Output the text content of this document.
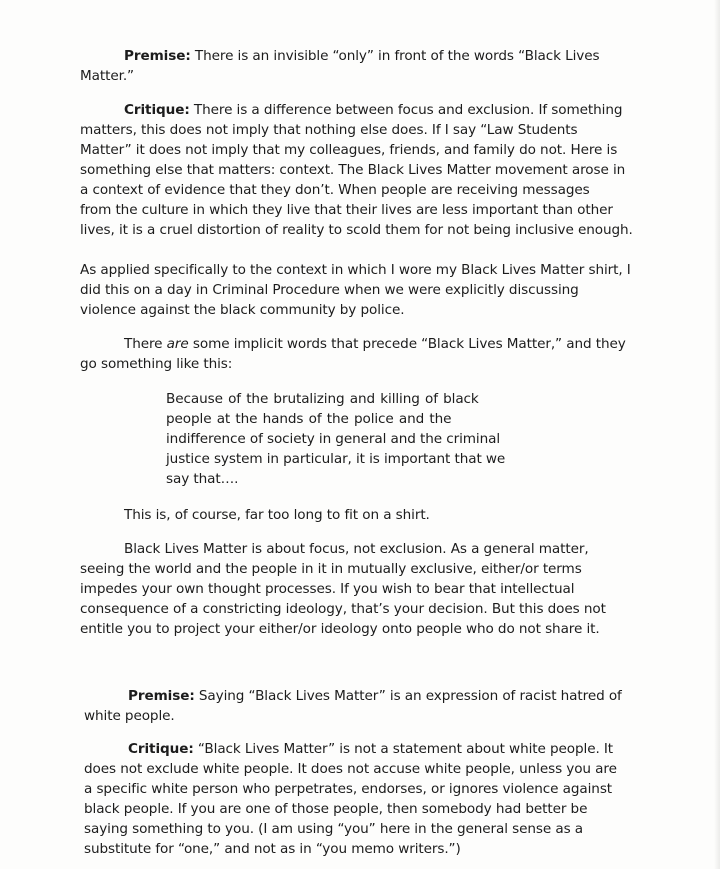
Premise: There is an invisible “only” in front of the words “Black Lives
Matter.”
Critique: There is a difference between focus and exclusion. If something
matters, this does not imply that nothing else does. If I say “Law Students
Matter” it does not imply that my colleagues, friends, and family do not. Here is
something else that matters: context. The Black Lives Matter movement arose in
a context of evidence that they don’t. When people are receiving messages
from the culture in which they live that their lives are less important than other
lives, it is a cruel distortion of reality to scold them for not being inclusive enough.
As applied specifically to the context in which I wore my Black Lives Matter shirt, I
did this on a day in Criminal Procedure when we were explicitly discussing
violence against the black community by police.
There are some implicit words that precede “Black Lives Matter,” and they
go something like this:
Because of the brutalizing and killing of black
people at the hands of the police and the
indifference of society in general and the criminal
justice system in particular, it is important that we
say that….
This is, of course, far too long to fit on a shirt.
Black Lives Matter is about focus, not exclusion. As a general matter,
seeing the world and the people in it in mutually exclusive, either/or terms
impedes your own thought processes. If you wish to bear that intellectual
consequence of a constricting ideology, that’s your decision. But this does not
entitle you to project your either/or ideology onto people who do not share it.
Premise: Saying “Black Lives Matter” is an expression of racist hatred of
white people.
Critique: “Black Lives Matter” is not a statement about white people. It
does not exclude white people. It does not accuse white people, unless you are
a specific white person who perpetrates, endorses, or ignores violence against
black people. If you are one of those people, then somebody had better be
saying something to you. (I am using “you” here in the general sense as a
substitute for “one,” and not as in “you memo writers.”)
